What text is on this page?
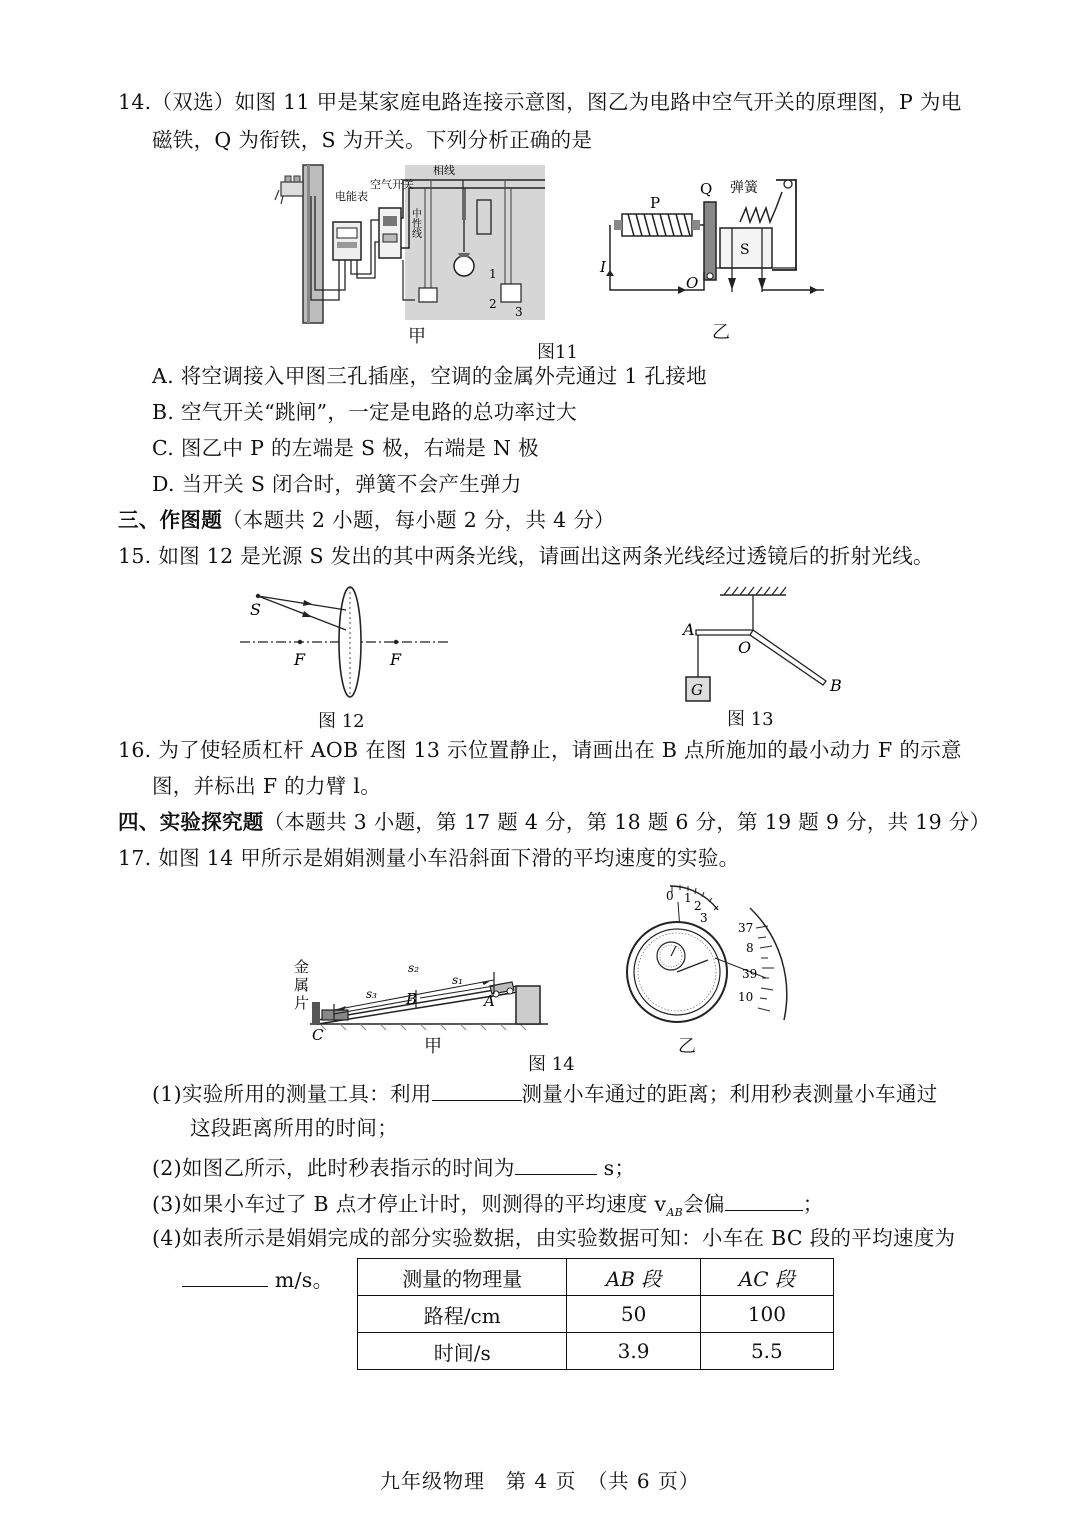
14.（双选）如图 11 甲是某家庭电路连接示意图，图乙为电路中空气开关的原理图，P 为电
磁铁，Q 为衔铁，S 为开关。下列分析正确的是
电能表
空气开关
相线
中性线
1
2
3
甲
P
Q 弹簧
S
I
O
乙
图11
A. 将空调接入甲图三孔插座，空调的金属外壳通过 1 孔接地
B. 空气开关“跳闸”，一定是电路的总功率过大
C. 图乙中 P 的左端是 S 极，右端是 N 极
D. 当开关 S 闭合时，弹簧不会产生弹力
三、作图题（本题共 2 小题，每小题 2 分，共 4 分）
15. 如图 12 是光源 S 发出的其中两条光线，请画出这两条光线经过透镜后的折射光线。
S
F	F
图 12
A
O
B
G
图 13
16. 为了使轻质杠杆 AOB 在图 13 示位置静止，请画出在 B 点所施加的最小动力 F 的示意
图，并标出 F 的力臂 l。
四、实验探究题（本题共 3 小题，第 17 题 4 分，第 18 题 6 分，第 19 题 9 分，共 19 分）
17. 如图 14 甲所示是娟娟测量小车沿斜面下滑的平均速度的实验。
金
属
片
s₂
s₃
s₁
B	A
C
甲
0 1
2
3
37
8
39
10
乙
图 14
(1)实验所用的测量工具：利用	测量小车通过的距离；利用秒表测量小车通过
这段距离所用的时间；
(2)如图乙所示，此时秒表指示的时间为	s；
(3)如果小车过了 B 点才停止计时，则测得的平均速度 $v_{AB}$会偏	；
(4)如表所示是娟娟完成的部分实验数据，由实验数据可知：小车在 BC 段的平均速度为
m/s。	测量的物理量	AB 段	AC 段
路程/cm	50	100
时间/s	3.9	5.5
九年级物理　第 4 页　（共 6 页）
